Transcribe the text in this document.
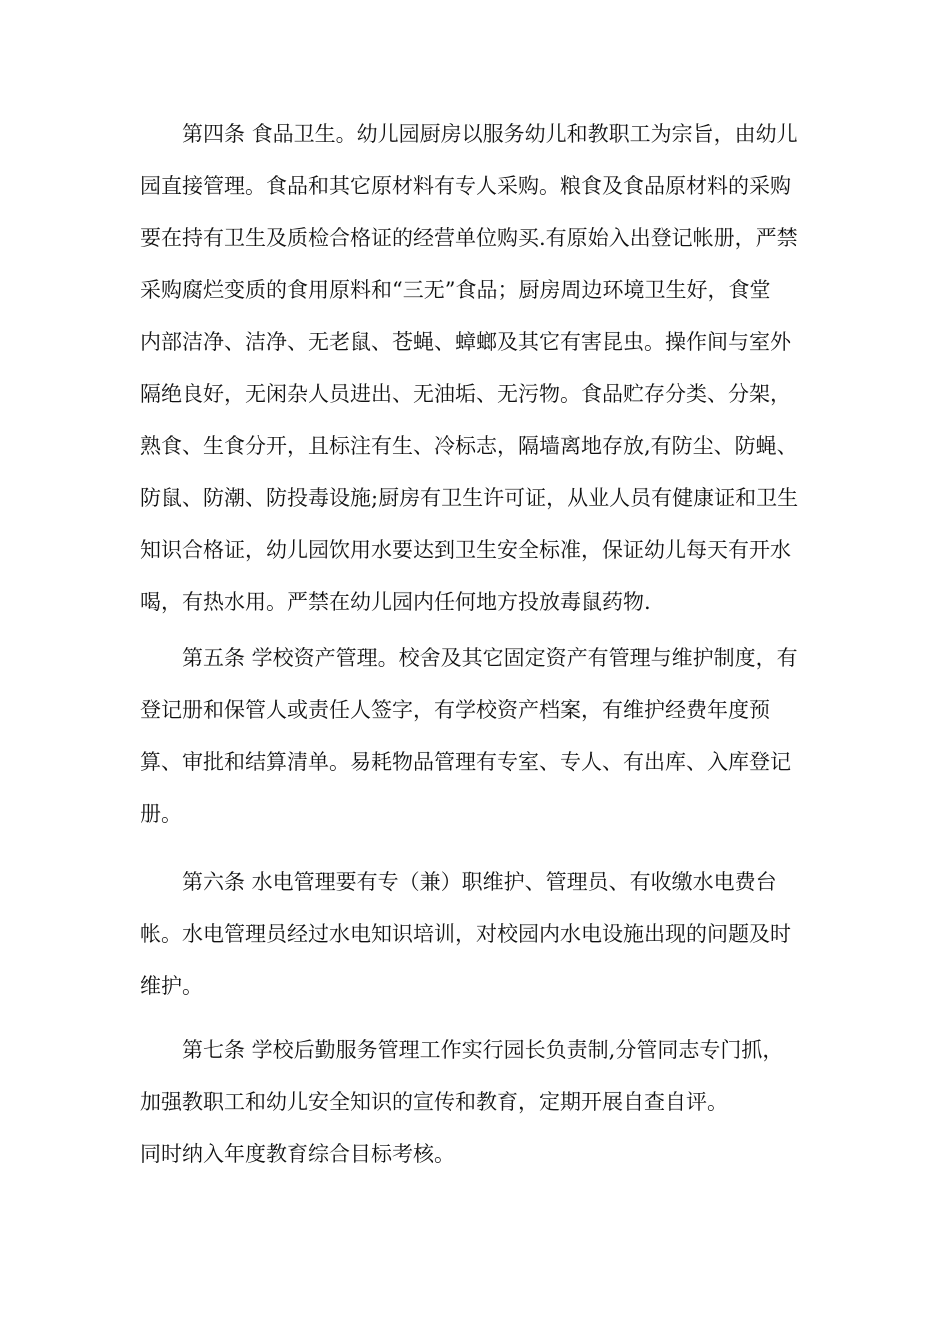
第四条 食品卫生。幼儿园厨房以服务幼儿和教职工为宗旨，由幼儿
园直接管理。食品和其它原材料有专人采购。粮食及食品原材料的采购
要在持有卫生及质检合格证的经营单位购买.有原始入出登记帐册，严禁
采购腐烂变质的食用原料和“三无”食品；厨房周边环境卫生好，食堂
内部洁净、洁净、无老鼠、苍蝇、蟑螂及其它有害昆虫。操作间与室外
隔绝良好，无闲杂人员进出、无油垢、无污物。食品贮存分类、分架，
熟食、生食分开，且标注有生、冷标志，隔墙离地存放,有防尘、防蝇、
防鼠、防潮、防投毒设施;厨房有卫生许可证，从业人员有健康证和卫生
知识合格证，幼儿园饮用水要达到卫生安全标准，保证幼儿每天有开水
喝，有热水用。严禁在幼儿园内任何地方投放毒鼠药物.
第五条 学校资产管理。校舍及其它固定资产有管理与维护制度，有
登记册和保管人或责任人签字，有学校资产档案，有维护经费年度预
算、审批和结算清单。易耗物品管理有专室、专人、有出库、入库登记
册。
第六条 水电管理要有专（兼）职维护、管理员、有收缴水电费台
帐。水电管理员经过水电知识培训，对校园内水电设施出现的问题及时
维护。
第七条 学校后勤服务管理工作实行园长负责制,分管同志专门抓，
加强教职工和幼儿安全知识的宣传和教育，定期开展自查自评。
同时纳入年度教育综合目标考核。
